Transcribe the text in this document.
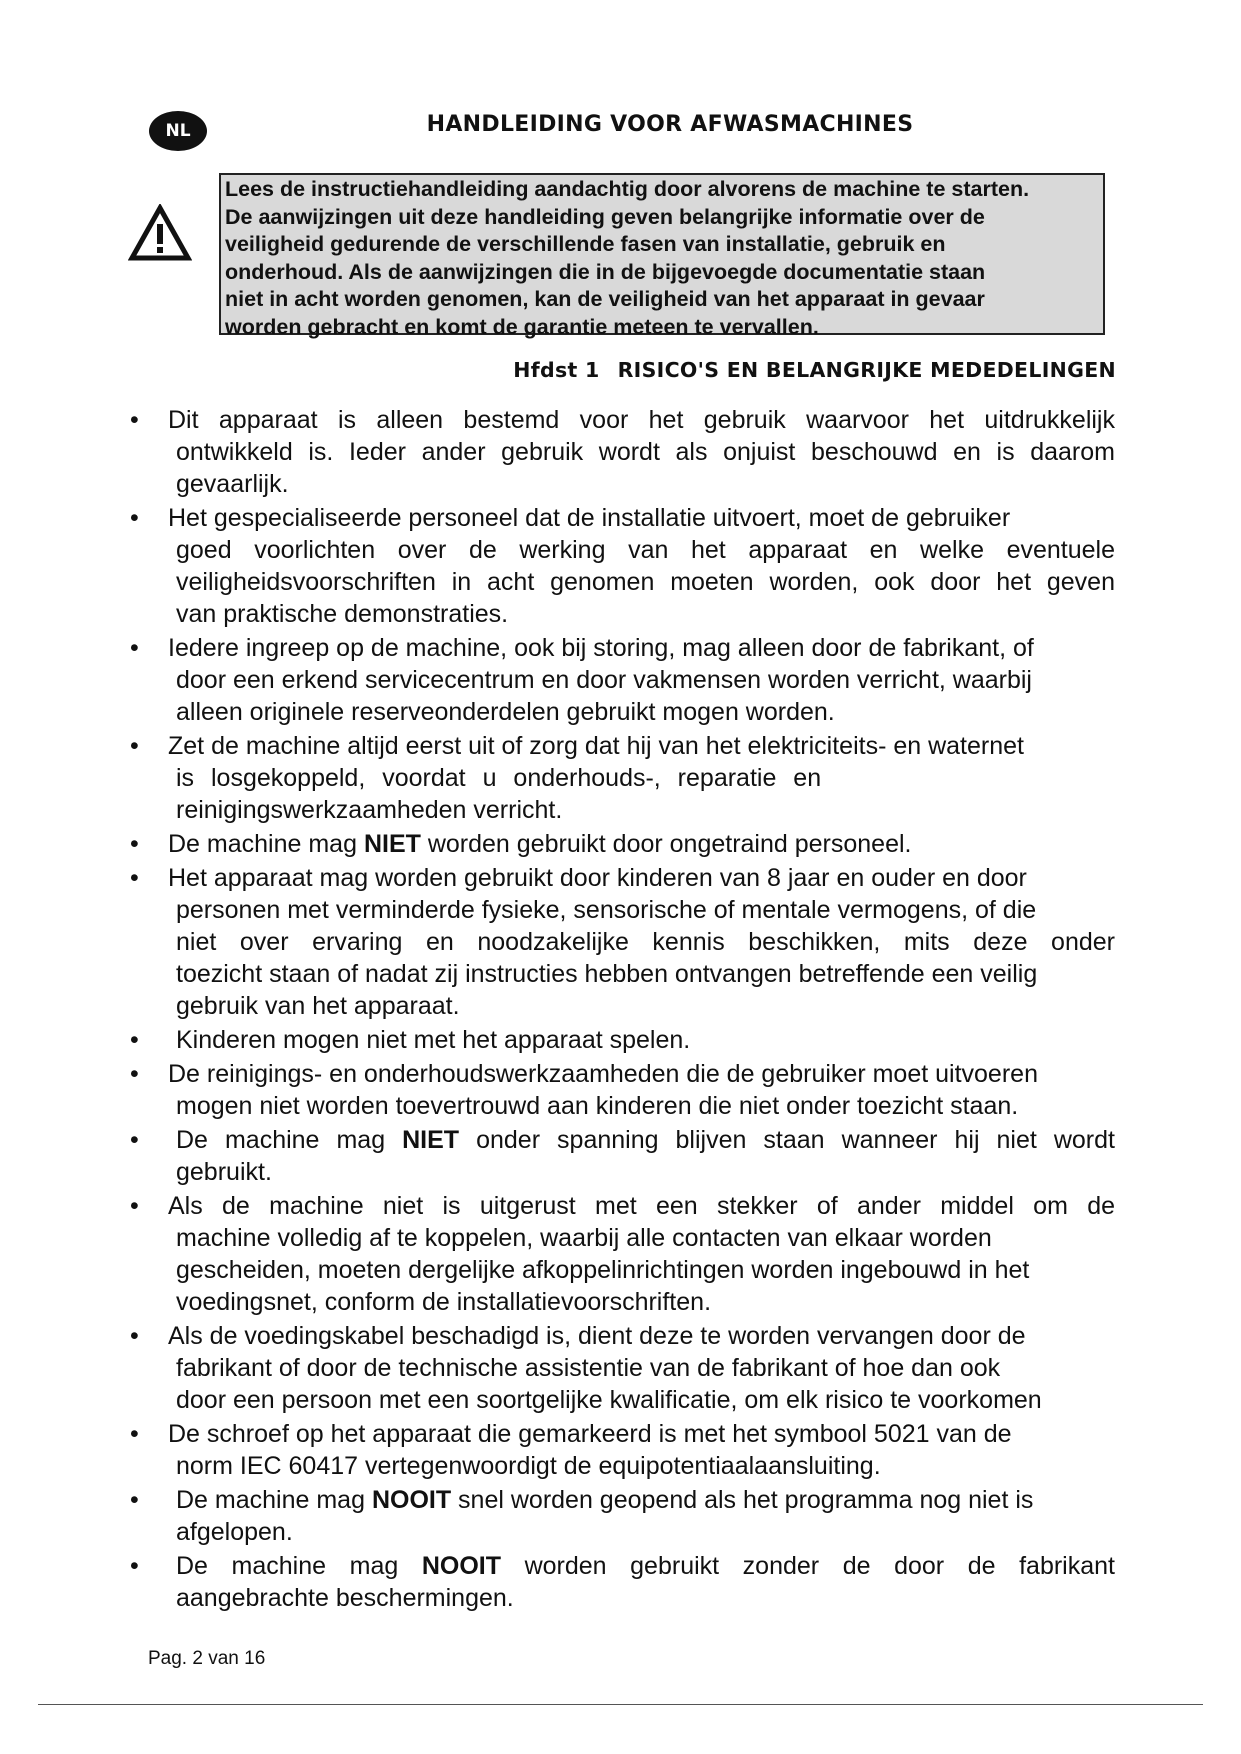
NL	HANDLEIDING VOOR AFWASMACHINES
Lees de instructiehandleiding aandachtig door alvorens de machine te starten.
De aanwijzingen uit deze handleiding geven belangrijke informatie over de
veiligheid gedurende de verschillende fasen van installatie, gebruik en
onderhoud. Als de aanwijzingen die in de bijgevoegde documentatie staan
niet in acht worden genomen, kan de veiligheid van het apparaat in gevaar
worden gebracht en komt de garantie meteen te vervallen.
Hfdst 1 RISICO'S EN BELANGRIJKE MEDEDELINGEN
• Dit apparaat is alleen bestemd voor het gebruik waarvoor het uitdrukkelijk
ontwikkeld is. Ieder ander gebruik wordt als onjuist beschouwd en is daarom
gevaarlijk.
• Het gespecialiseerde personeel dat de installatie uitvoert, moet de gebruiker
goed voorlichten over de werking van het apparaat en welke eventuele
veiligheidsvoorschriften in acht genomen moeten worden, ook door het geven
van praktische demonstraties.
• Iedere ingreep op de machine, ook bij storing, mag alleen door de fabrikant, of
door een erkend servicecentrum en door vakmensen worden verricht, waarbij
alleen originele reserveonderdelen gebruikt mogen worden.
• Zet de machine altijd eerst uit of zorg dat hij van het elektriciteits- en waternet
is losgekoppeld, voordat u onderhouds-, reparatie en
reinigingswerkzaamheden verricht.
• De machine mag NIET worden gebruikt door ongetraind personeel.
• Het apparaat mag worden gebruikt door kinderen van 8 jaar en ouder en door
personen met verminderde fysieke, sensorische of mentale vermogens, of die
niet over ervaring en noodzakelijke kennis beschikken, mits deze onder
toezicht staan of nadat zij instructies hebben ontvangen betreffende een veilig
gebruik van het apparaat.
•	Kinderen mogen niet met het apparaat spelen.
• De reinigings- en onderhoudswerkzaamheden die de gebruiker moet uitvoeren
mogen niet worden toevertrouwd aan kinderen die niet onder toezicht staan.
•	De machine mag NIET onder spanning blijven staan wanneer hij niet wordt
gebruikt.
• Als de machine niet is uitgerust met een stekker of ander middel om de
machine volledig af te koppelen, waarbij alle contacten van elkaar worden
gescheiden, moeten dergelijke afkoppelinrichtingen worden ingebouwd in het
voedingsnet, conform de installatievoorschriften.
• Als de voedingskabel beschadigd is, dient deze te worden vervangen door de
fabrikant of door de technische assistentie van de fabrikant of hoe dan ook
door een persoon met een soortgelijke kwalificatie, om elk risico te voorkomen
• De schroef op het apparaat die gemarkeerd is met het symbool 5021 van de
norm IEC 60417 vertegenwoordigt de equipotentiaalaansluiting.
•	De machine mag NOOIT snel worden geopend als het programma nog niet is
afgelopen.
•	De machine mag NOOIT worden gebruikt zonder de door de fabrikant
aangebrachte beschermingen.
Pag. 2 van 16
